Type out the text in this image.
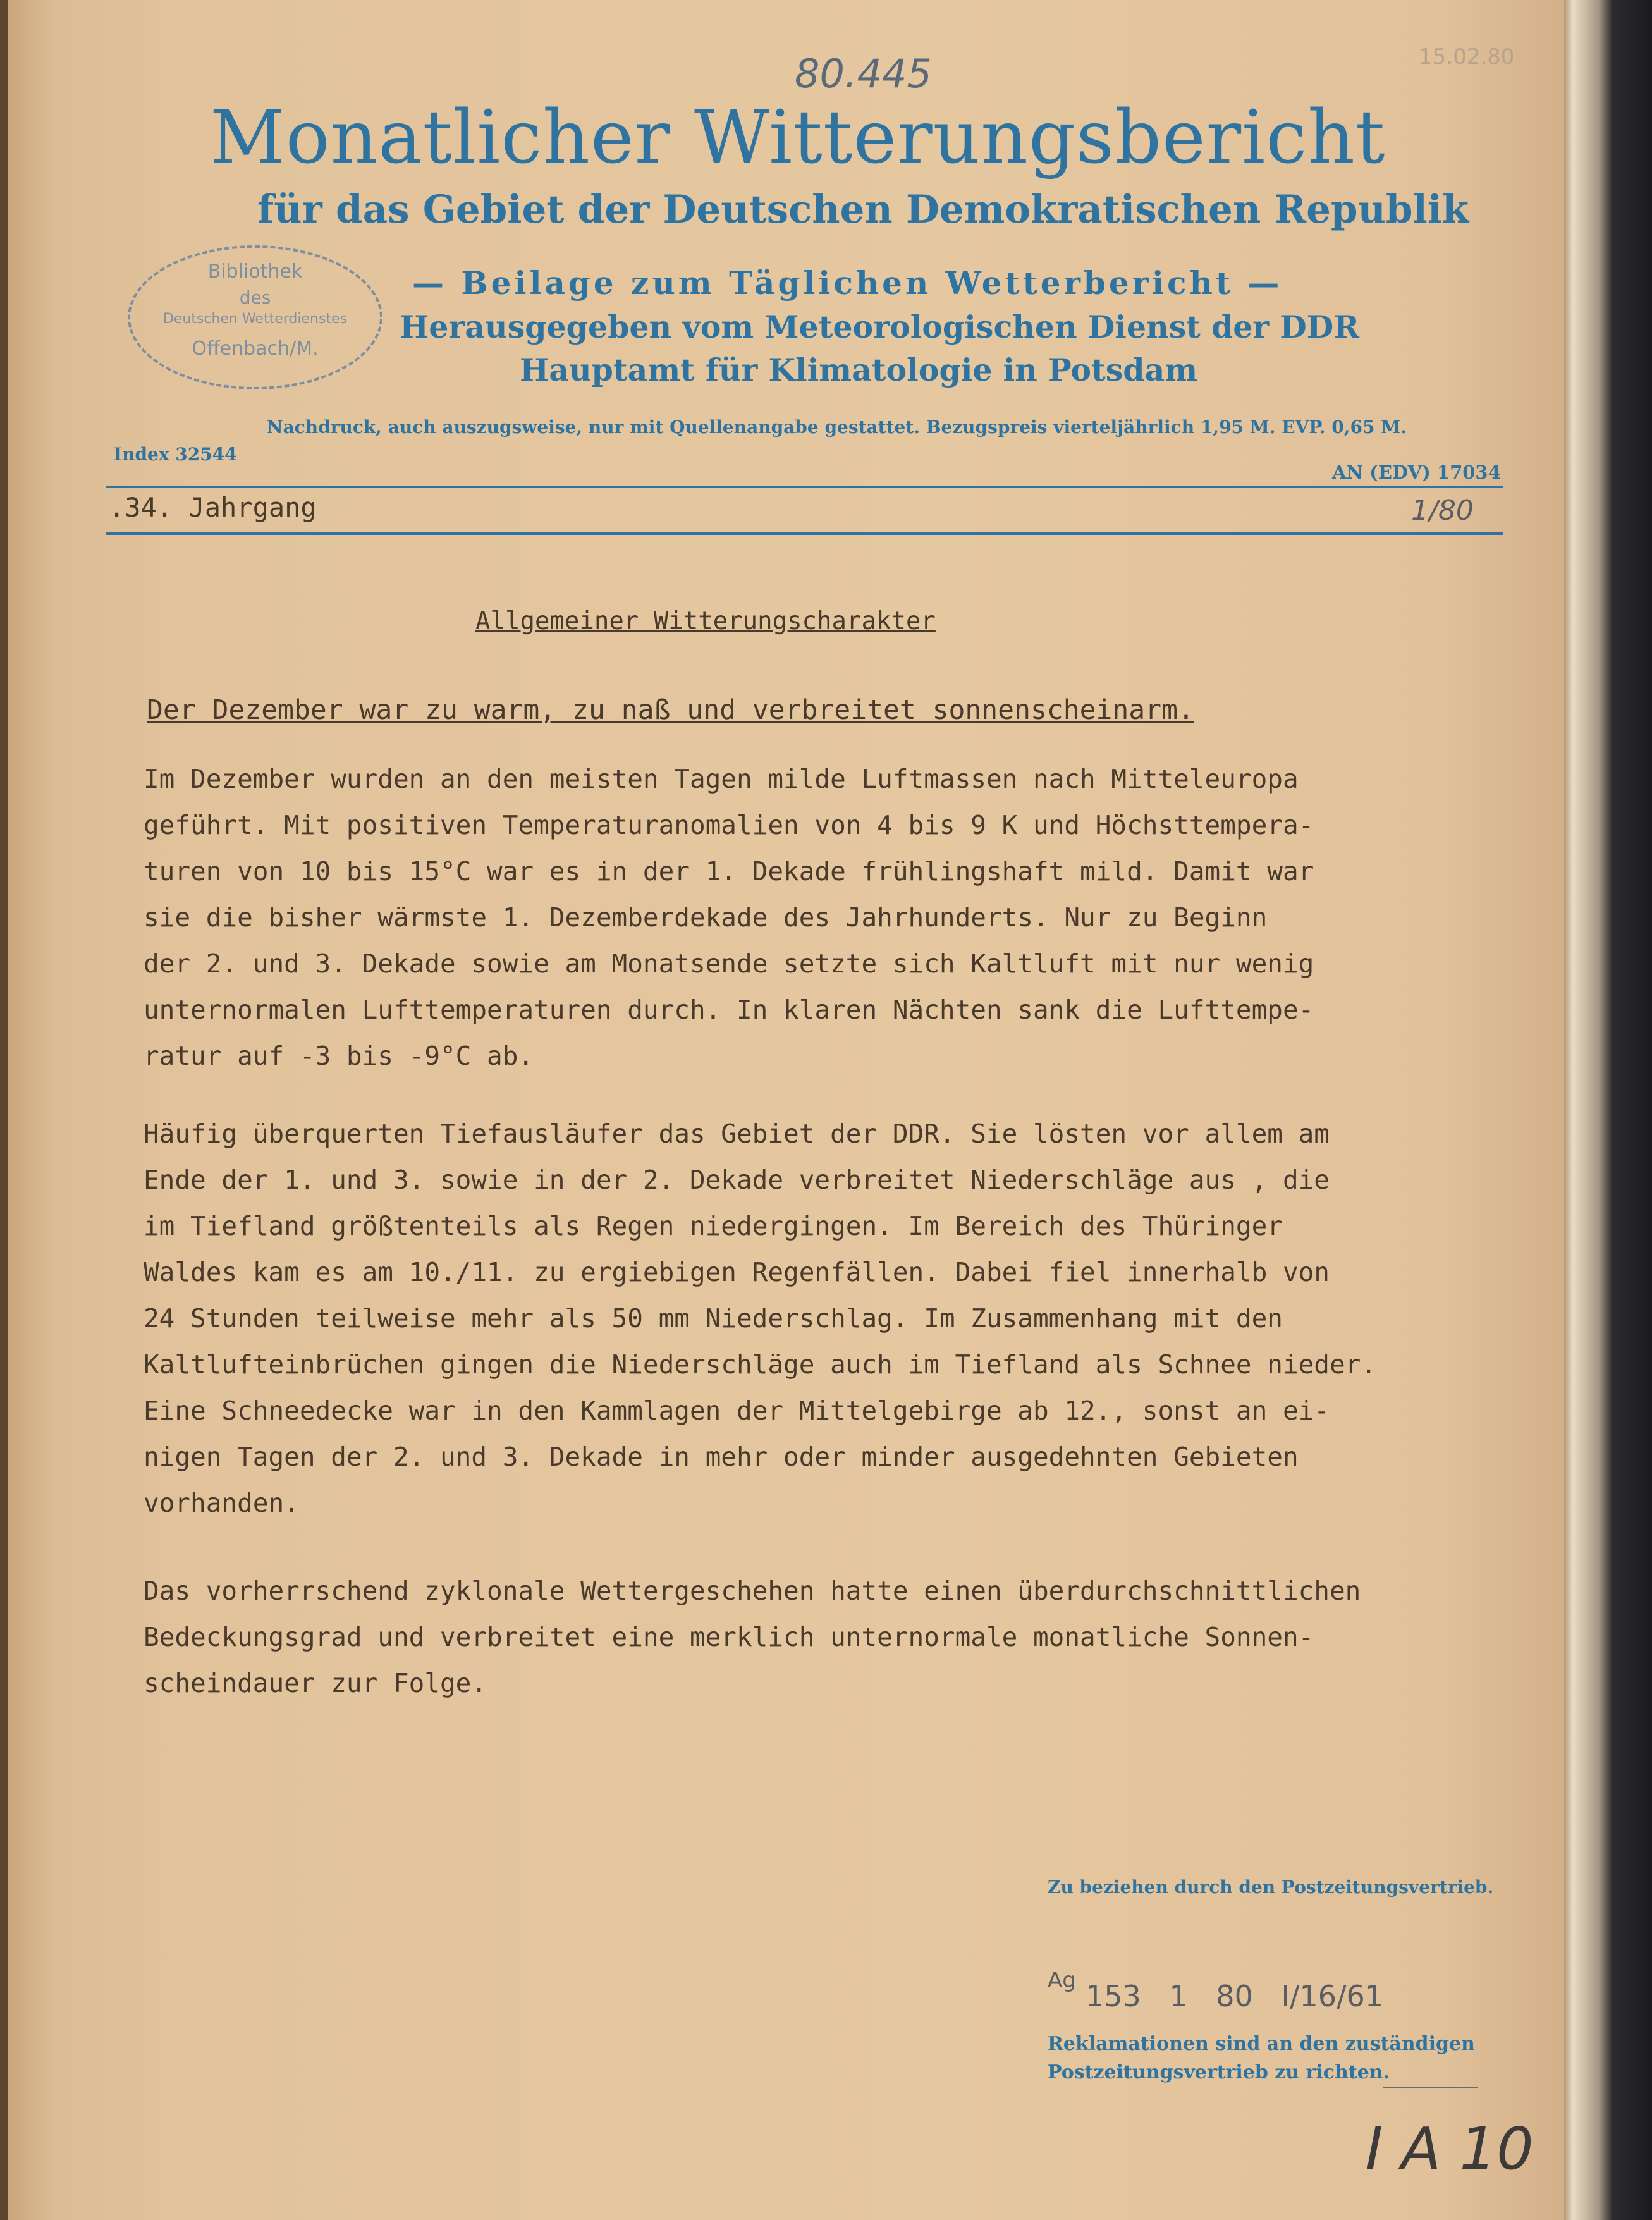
80.445	15.02.80
Monatlicher Witterungsbericht
für das Gebiet der Deutschen Demokratischen Republik
Bibliothek
des
Deutschen Wetterdienstes
Offenbach/M.
— Beilage zum Täglichen Wetterbericht —
Herausgegeben vom Meteorologischen Dienst der DDR
Hauptamt für Klimatologie in Potsdam
Nachdruck, auch auszugsweise, nur mit Quellenangabe gestattet. Bezugspreis vierteljährlich 1,95 M. EVP. 0,65 M.
Index 32544
AN (EDV) 17034
.34. Jahrgang	1/80
Allgemeiner Witterungscharakter
Der Dezember war zu warm, zu naß und verbreitet sonnenscheinarm.
Im Dezember wurden an den meisten Tagen milde Luftmassen nach Mitteleuropa
geführt. Mit positiven Temperaturanomalien von 4 bis 9 K und Höchsttempera-
turen von 10 bis 15°C war es in der 1. Dekade frühlingshaft mild. Damit war
sie die bisher wärmste 1. Dezemberdekade des Jahrhunderts. Nur zu Beginn
der 2. und 3. Dekade sowie am Monatsende setzte sich Kaltluft mit nur wenig
unternormalen Lufttemperaturen durch. In klaren Nächten sank die Lufttempe-
ratur auf -3 bis -9°C ab.
Häufig überquerten Tiefausläufer das Gebiet der DDR. Sie lösten vor allem am
Ende der 1. und 3. sowie in der 2. Dekade verbreitet Niederschläge aus , die
im Tiefland größtenteils als Regen niedergingen. Im Bereich des Thüringer
Waldes kam es am 10./11. zu ergiebigen Regenfällen. Dabei fiel innerhalb von
24 Stunden teilweise mehr als 50 mm Niederschlag. Im Zusammenhang mit den
Kaltlufteinbrüchen gingen die Niederschläge auch im Tiefland als Schnee nieder.
Eine Schneedecke war in den Kammlagen der Mittelgebirge ab 12., sonst an ei-
nigen Tagen der 2. und 3. Dekade in mehr oder minder ausgedehnten Gebieten
vorhanden.
Das vorherrschend zyklonale Wettergeschehen hatte einen überdurchschnittlichen
Bedeckungsgrad und verbreitet eine merklich unternormale monatliche Sonnen-
scheindauer zur Folge.
Zu beziehen durch den Postzeitungsvertrieb.
Ag 153 1 80 I/16/61
Reklamationen sind an den zuständigen
Postzeitungsvertrieb zu richten.
I A 10
